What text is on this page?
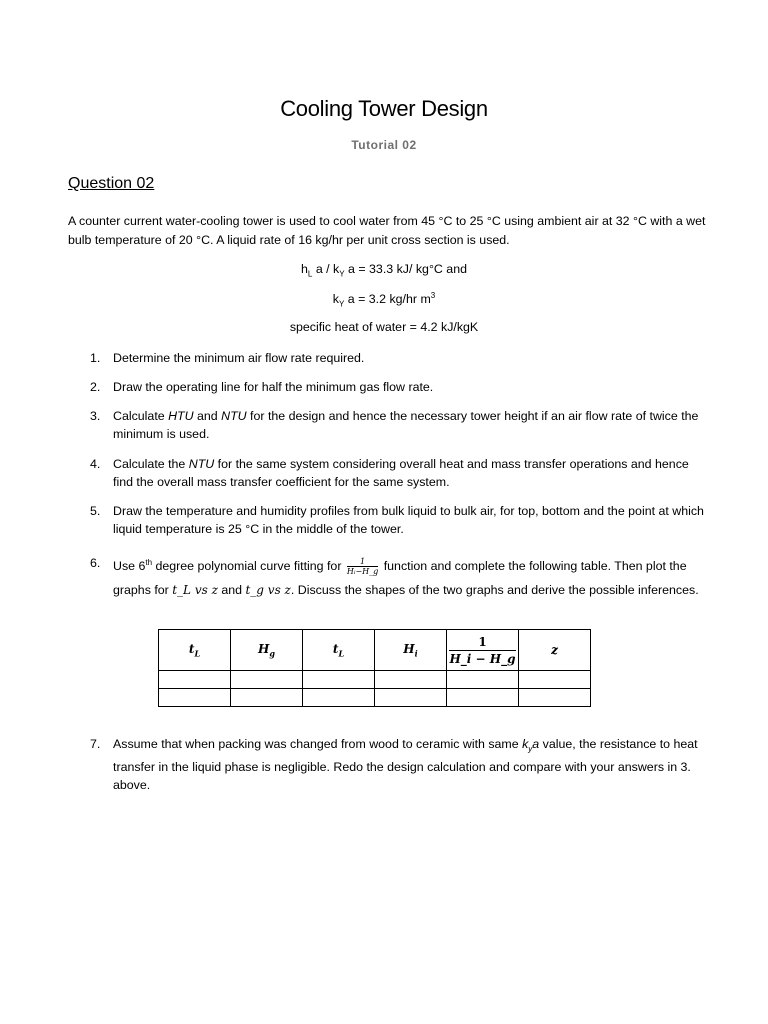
Cooling Tower Design
Tutorial 02
Question 02
A counter current water-cooling tower is used to cool water from 45 °C to 25 °C using ambient air at 32 °C with a wet bulb temperature of 20 °C. A liquid rate of 16 kg/hr per unit cross section is used.
$h_L$ a / $k_Y$ a = 33.3 kJ/ kg°C and
$k_Y$ a = 3.2 kg/hr $m^3$
specific heat of water = 4.2 kJ/kgK
1. Determine the minimum air flow rate required.
2. Draw the operating line for half the minimum gas flow rate.
3. Calculate HTU and NTU for the design and hence the necessary tower height if an air flow rate of twice the minimum is used.
4. Calculate the NTU for the same system considering overall heat and mass transfer operations and hence find the overall mass transfer coefficient for the same system.
5. Draw the temperature and humidity profiles from bulk liquid to bulk air, for top, bottom and the point at which liquid temperature is 25 °C in the middle of the tower.
6. Use 6th degree polynomial curve fitting for $\frac{1}{\text{Hᵢ−H\_g}}$ function and complete the following table. Then plot the graphs for t_L vs z and t_g vs z. Discuss the shapes of the two graphs and derive the possible inferences.
7. Assume that when packing was changed from wood to ceramic with same $k_ya$ value, the resistance to heat transfer in the liquid phase is negligible. Redo the design calculation and compare with your answers in 3. above.
$t_L$	$H_g$	$t_L$	$H_i$	$\frac{1}{H\_i - H\_g}$	z
